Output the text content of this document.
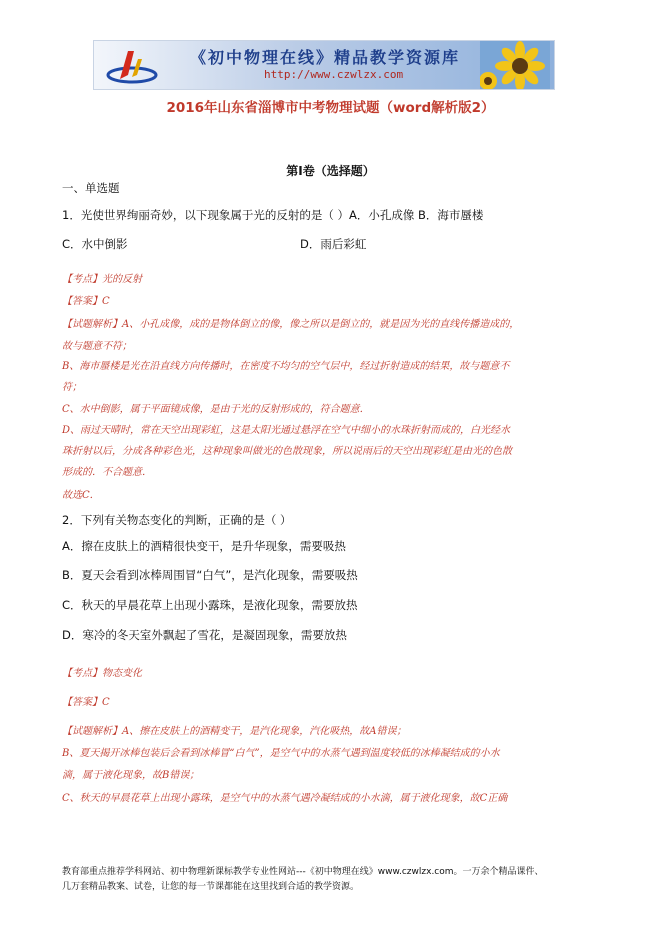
《初中物理在线》精品教学资源库
http://www.czwlzx.com
2016年山东省淄博市中考物理试题（word解析版2）
第I卷（选择题）
一、单选题
1．光使世界绚丽奇妙，以下现象属于光的反射的是（ ）A．小孔成像 B．海市蜃楼
C．水中倒影	D．雨后彩虹
【考点】光的反射
【答案】C
【试题解析】A、小孔成像，成的是物体倒立的像，像之所以是倒立的，就是因为光的直线传播造成的，
故与题意不符；
B、海市蜃楼是光在沿直线方向传播时，在密度不均匀的空气层中，经过折射造成的结果，故与题意不
符；
C、水中倒影，属于平面镜成像，是由于光的反射形成的，符合题意．
D、雨过天晴时，常在天空出现彩虹，这是太阳光通过悬浮在空气中细小的水珠折射而成的，白光经水
珠折射以后，分成各种彩色光，这种现象叫做光的色散现象，所以说雨后的天空出现彩虹是由光的色散
形成的．不合题意．
故选C．
2．下列有关物态变化的判断，正确的是（ ）
A．擦在皮肤上的酒精很快变干，是升华现象，需要吸热
B．夏天会看到冰棒周围冒“白气”，是汽化现象，需要吸热
C．秋天的早晨花草上出现小露珠，是液化现象，需要放热
D．寒冷的冬天室外飘起了雪花，是凝固现象，需要放热
【考点】物态变化
【答案】C
【试题解析】A、擦在皮肤上的酒精变干，是汽化现象，汽化吸热，故A错误；
B、夏天揭开冰棒包装后会看到冰棒冒“白气”，是空气中的水蒸气遇到温度较低的冰棒凝结成的小水
滴，属于液化现象，故B错误；
C、秋天的早晨花草上出现小露珠，是空气中的水蒸气遇冷凝结成的小水滴，属于液化现象，故C正确
教育部重点推荐学科网站、初中物理新课标教学专业性网站---《初中物理在线》www.czwlzx.com。一万余个精品课件、
几万套精品教案、试卷，让您的每一节课都能在这里找到合适的教学资源。
